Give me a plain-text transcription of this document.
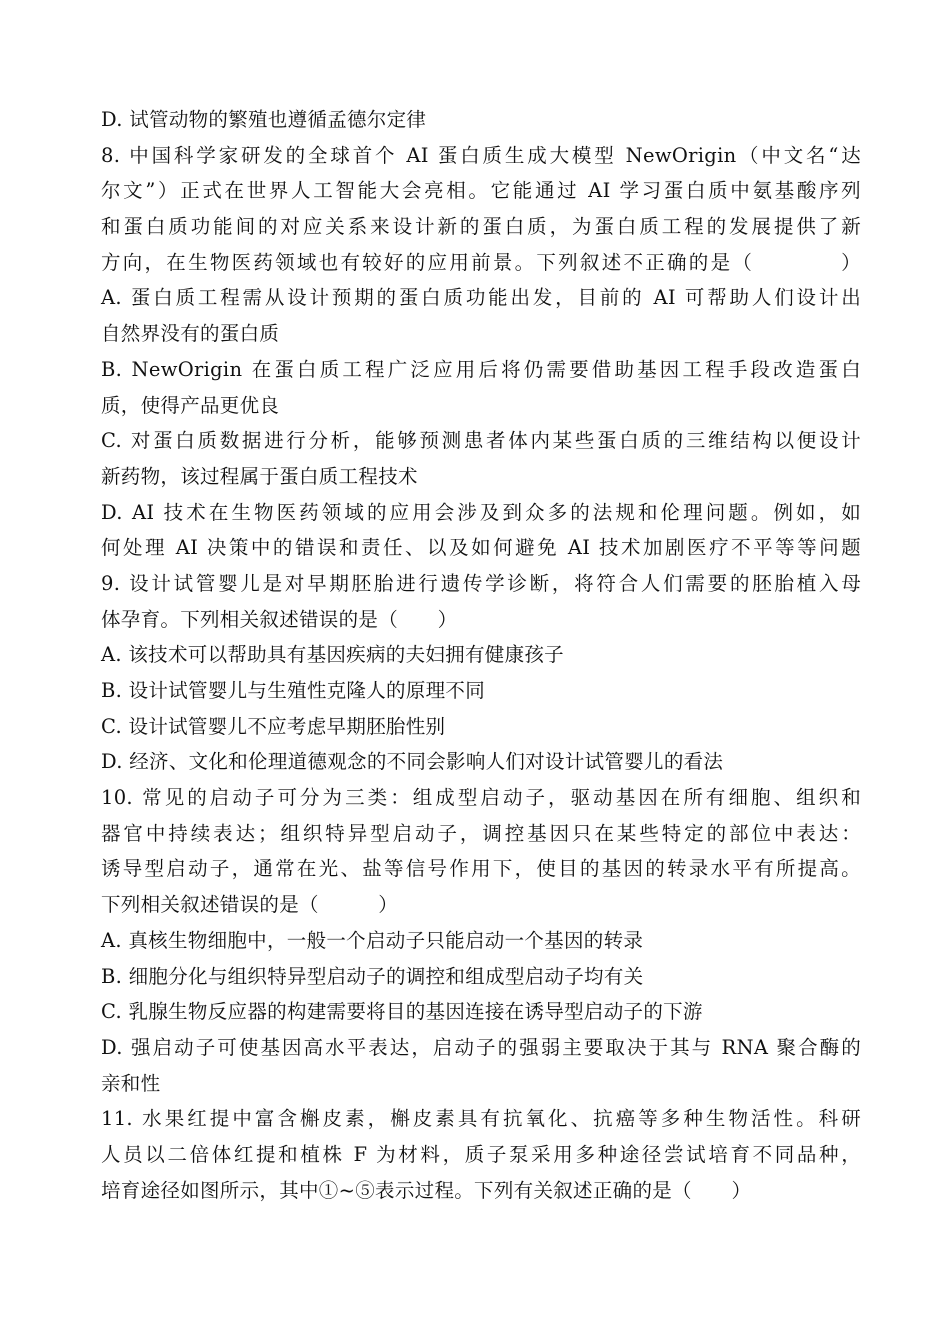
D. 试管动物的繁殖也遵循孟德尔定律
8. 中国科学家研发的全球首个 AI 蛋白质生成大模型 NewOrigin（中文名“达
尔文”）正式在世界人工智能大会亮相。它能通过 AI 学习蛋白质中氨基酸序列
和蛋白质功能间的对应关系来设计新的蛋白质，为蛋白质工程的发展提供了新
方向，在生物医药领域也有较好的应用前景。下列叙述不正确的是（　　　　）
A. 蛋白质工程需从设计预期的蛋白质功能出发，目前的 AI 可帮助人们设计出
自然界没有的蛋白质
B. NewOrigin 在蛋白质工程广泛应用后将仍需要借助基因工程手段改造蛋白
质，使得产品更优良
C. 对蛋白质数据进行分析，能够预测患者体内某些蛋白质的三维结构以便设计
新药物，该过程属于蛋白质工程技术
D. AI 技术在生物医药领域的应用会涉及到众多的法规和伦理问题。例如，如
何处理 AI 决策中的错误和责任、以及如何避免 AI 技术加剧医疗不平等等问题
9. 设计试管婴儿是对早期胚胎进行遗传学诊断，将符合人们需要的胚胎植入母
体孕育。下列相关叙述错误的是（　　）
A. 该技术可以帮助具有基因疾病的夫妇拥有健康孩子
B. 设计试管婴儿与生殖性克隆人的原理不同
C. 设计试管婴儿不应考虑早期胚胎性别
D. 经济、文化和伦理道德观念的不同会影响人们对设计试管婴儿的看法
10. 常见的启动子可分为三类：组成型启动子，驱动基因在所有细胞、组织和
器官中持续表达；组织特异型启动子，调控基因只在某些特定的部位中表达：
诱导型启动子，通常在光、盐等信号作用下，使目的基因的转录水平有所提高。
下列相关叙述错误的是（　　　）
A. 真核生物细胞中，一般一个启动子只能启动一个基因的转录
B. 细胞分化与组织特异型启动子的调控和组成型启动子均有关
C. 乳腺生物反应器的构建需要将目的基因连接在诱导型启动子的下游
D. 强启动子可使基因高水平表达，启动子的强弱主要取决于其与 RNA 聚合酶的
亲和性
11. 水果红提中富含槲皮素，槲皮素具有抗氧化、抗癌等多种生物活性。科研
人员以二倍体红提和植株 F 为材料，质子泵采用多种途径尝试培育不同品种，
培育途径如图所示，其中①~⑤表示过程。下列有关叙述正确的是（　　）
